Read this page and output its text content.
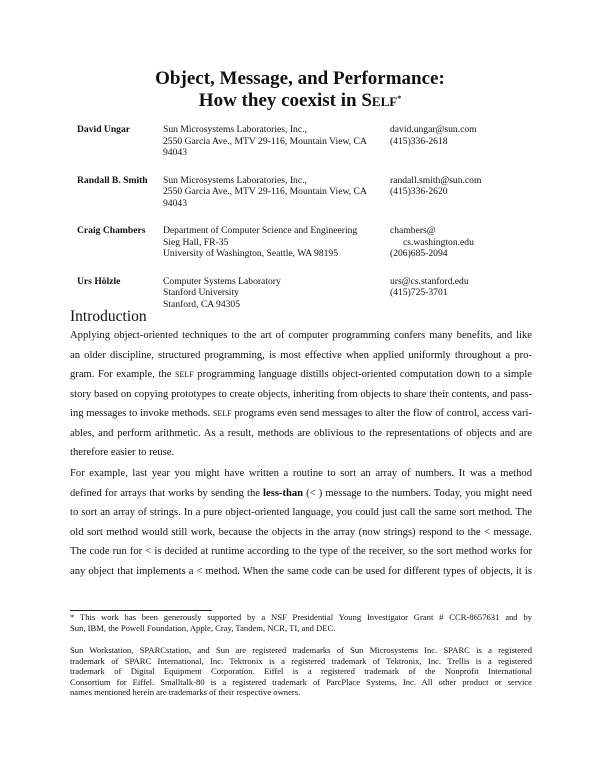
Object, Message, and Performance:
How they coexist in Self*
David Ungar	Sun Microsystems Laboratories, Inc.,
2550 Garcia Ave., MTV 29-116, Mountain View, CA
94043
david.ungar@sun.com
(415)336-2618

Randall B. Smith Sun Microsystems Laboratories, Inc.,
2550 Garcia Ave., MTV 29-116, Mountain View, CA
94043
randall.smith@sun.com
(415)336-2620

Craig Chambers Department of Computer Science and Engineering
Sieg Hall, FR-35
University of Washington, Seattle, WA 98195
chambers@

cs.washington.edu
(206)685-2094

Urs Hölzle	Computer Systems Laboratory
Stanford University
Stanford, CA 94305
urs@cs.stanford.edu
(415)725-3701

Introduction
Applying object-oriented techniques to the art of computer programming confers many benefits, and like
an older discipline, structured programming, is most effective when applied uniformly throughout a pro-
gram. For example, the SELF programming language distills object-oriented computation down to a simple
story based on copying prototypes to create objects, inheriting from objects to share their contents, and pass-
ing messages to invoke methods. SELF programs even send messages to alter the flow of control, access vari-
ables, and perform arithmetic. As a result, methods are oblivious to the representations of objects and are
therefore easier to reuse.
For example, last year you might have written a routine to sort an array of numbers. It was a method
defined for arrays that works by sending the less-than (< ) message to the numbers. Today, you might need
to sort an array of strings. In a pure object-oriented language, you could just call the same sort method. The
old sort method would still work, because the objects in the array (now strings) respond to the < message.
The code run for < is decided at runtime according to the type of the receiver, so the sort method works for
any object that implements a < method. When the same code can be used for different types of objects, it is
* This work has been generously supported by a NSF Presidential Young Investigator Grant # CCR-8657631 and by
Sun, IBM, the Powell Foundation, Apple, Cray, Tandem, NCR, TI, and DEC.
Sun Workstation, SPARCstation, and Sun are registered trademarks of Sun Microsystems Inc. SPARC is a registered
trademark of SPARC International, Inc. Tektronix is a registered trademark of Tektronix, Inc. Trellis is a registered
trademark of Digital Equipment Corporation. Eiffel is a registered trademark of the Nonprofit International
Consortium for Eiffel. Smalltalk-80 is a registered trademark of ParcPlace Systems, Inc. All other product or service
names mentioned herein are trademarks of their respective owners.
